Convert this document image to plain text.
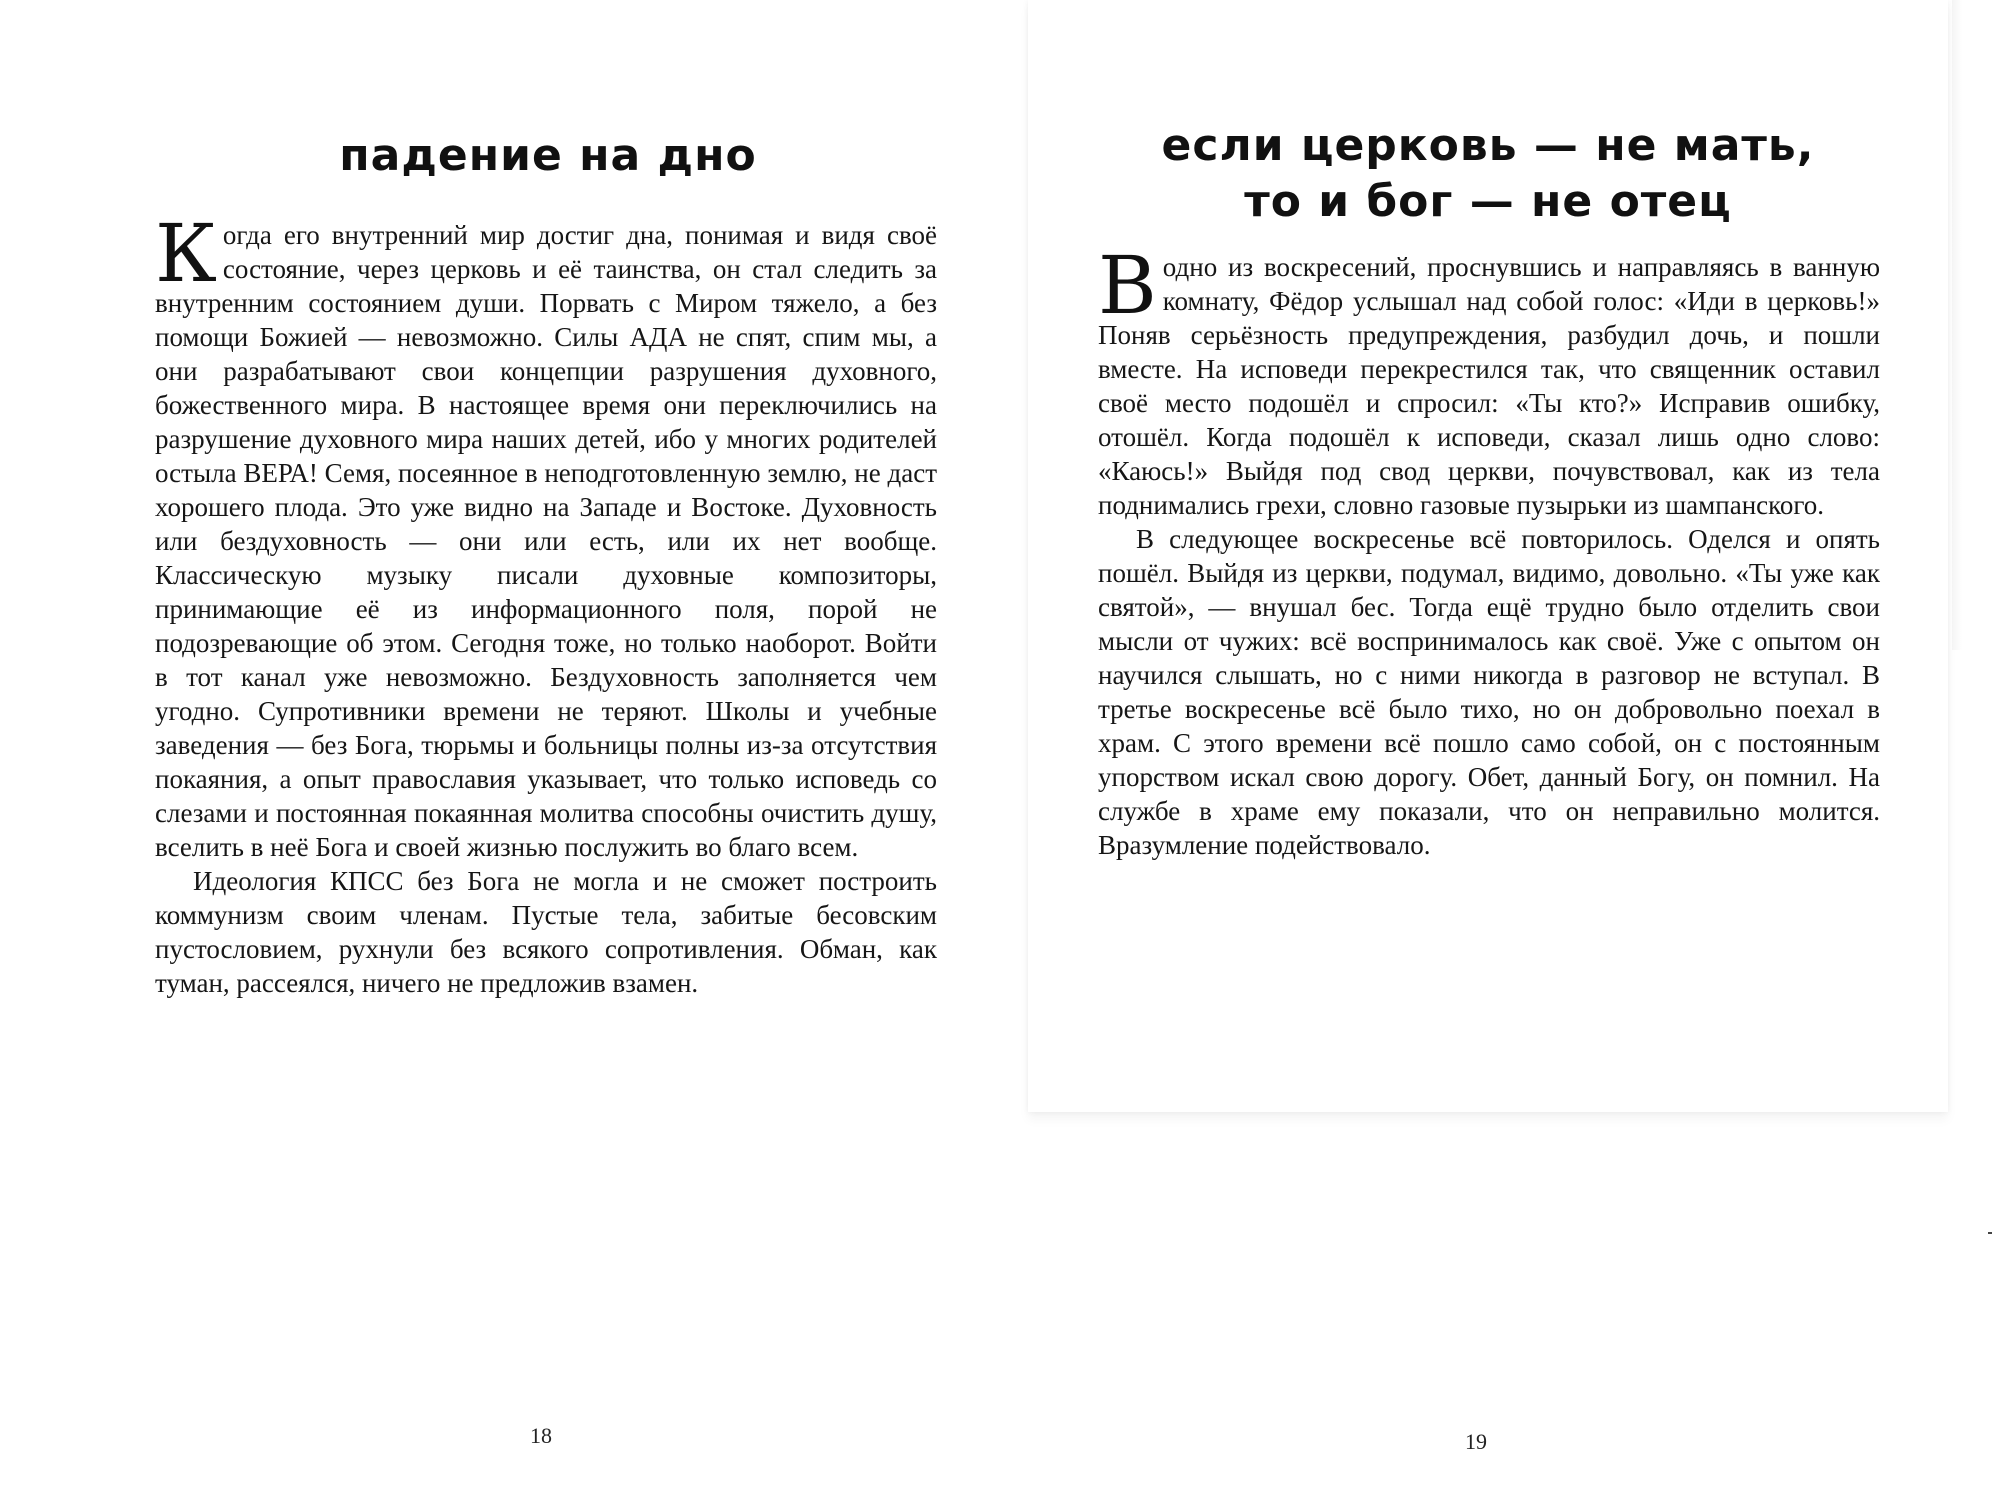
падение на дно

Когда его внутренний мир достиг дна, понимая и видя своё состояние, через церковь и её таинства, он стал следить за внутренним состоянием души. Порвать с Миром тяжело, а без помощи Божией — невозможно. Силы АДА не спят, спим мы, а они разрабатывают свои концепции разрушения духовного, божественного мира. В настоящее время они переключились на разрушение духовного мира наших детей, ибо у многих родителей остыла ВЕРА! Семя, посеянное в неподготовленную землю, не даст хорошего плода. Это уже видно на Западе и Востоке. Духовность или бездуховность — они или есть, или их нет вообще. Классическую музыку писали духовные композиторы, принимающие её из информационного поля, порой не подозревающие об этом. Сегодня тоже, но только наоборот. Войти в тот канал уже невозможно. Бездуховность заполняется чем угодно. Супротивники времени не теряют. Школы и учебные заведения — без Бога, тюрьмы и больницы полны из-за отсутствия покаяния, а опыт православия указывает, что только исповедь со слезами и постоянная покаянная молитва способны очистить душу, вселить в неё Бога и своей жизнью послужить во благо всем.

Идеология КПСС без Бога не могла и не сможет построить коммунизм своим членам. Пустые тела, забитые бесовским пустословием, рухнули без всякого сопротивления. Обман, как туман, рассеялся, ничего не предложив взамен.

18
если церковь — не мать,
то и бог — не отец

Водно из воскресений, проснувшись и направляясь в ванную комнату, Фёдор услышал над собой голос: «Иди в церковь!» Поняв серьёзность предупреждения, разбудил дочь, и пошли вместе. На исповеди перекрестился так, что священник оставил своё место подошёл и спросил: «Ты кто?» Исправив ошибку, отошёл. Когда подошёл к исповеди, сказал лишь одно слово: «Каюсь!» Выйдя под свод церкви, почувствовал, как из тела поднимались грехи, словно газовые пузырьки из шампанского.

В следующее воскресенье всё повторилось. Оделся и опять пошёл. Выйдя из церкви, подумал, видимо, довольно. «Ты уже как святой», — внушал бес. Тогда ещё трудно было отделить свои мысли от чужих: всё воспринималось как своё. Уже с опытом он научился слышать, но с ними никогда в разговор не вступал. В третье воскресенье всё было тихо, но он добровольно поехал в храм. С этого времени всё пошло само собой, он с постоянным упорством искал свою дорогу. Обет, данный Богу, он помнил. На службе в храме ему показали, что он неправильно молится. Вразумление подействовало.

19
